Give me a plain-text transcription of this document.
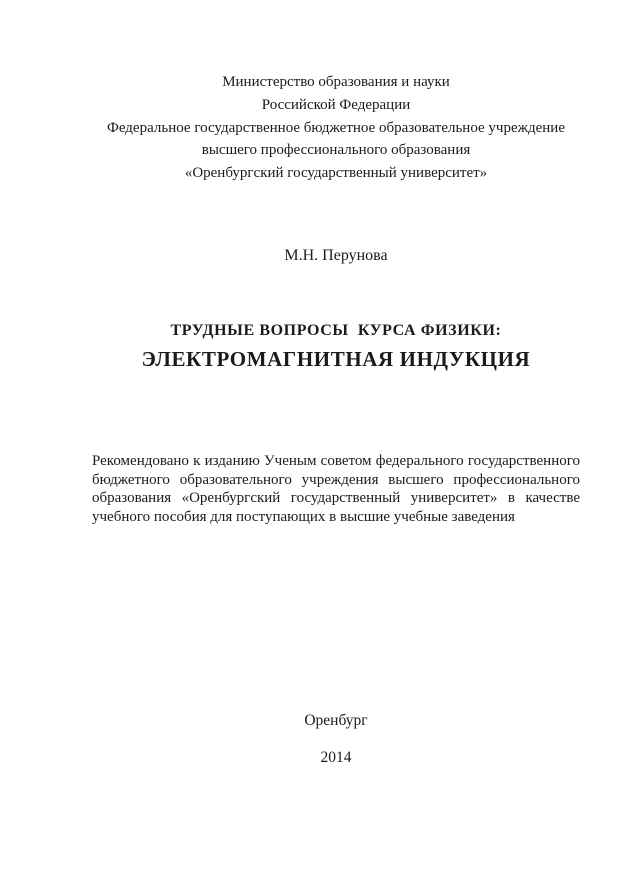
Министерство образования и науки
Российской Федерации
Федеральное государственное бюджетное образовательное учреждение
высшего профессионального образования
«Оренбургский государственный университет»
М.Н. Перунова
ТРУДНЫЕ ВОПРОСЫ  КУРСА ФИЗИКИ:
ЭЛЕКТРОМАГНИТНАЯ ИНДУКЦИЯ
Рекомендовано к изданию Ученым советом федерального государственного
бюджетного образовательного учреждения высшего профессионального
образования «Оренбургский государственный университет» в качестве
учебного пособия для поступающих в высшие учебные заведения
Оренбург
2014
